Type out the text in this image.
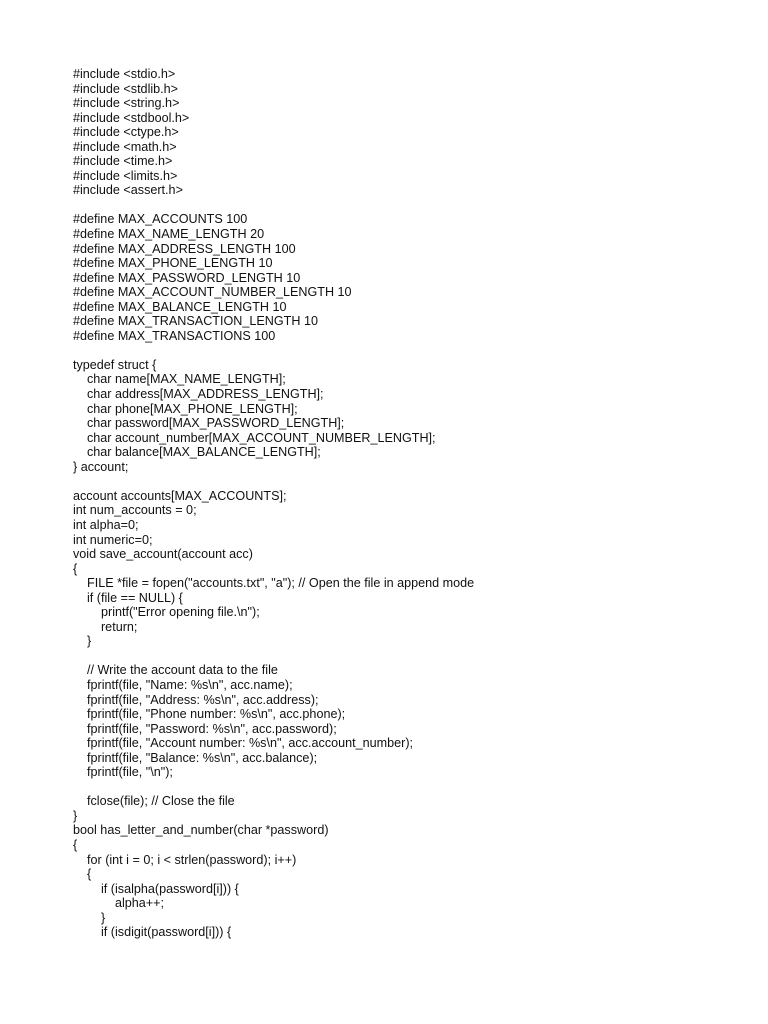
#include <stdio.h>
#include <stdlib.h>
#include <string.h>
#include <stdbool.h>
#include <ctype.h>
#include <math.h>
#include <time.h>
#include <limits.h>
#include <assert.h>
#define MAX_ACCOUNTS 100
#define MAX_NAME_LENGTH 20
#define MAX_ADDRESS_LENGTH 100
#define MAX_PHONE_LENGTH 10
#define MAX_PASSWORD_LENGTH 10
#define MAX_ACCOUNT_NUMBER_LENGTH 10
#define MAX_BALANCE_LENGTH 10
#define MAX_TRANSACTION_LENGTH 10
#define MAX_TRANSACTIONS 100
typedef struct {
char name[MAX_NAME_LENGTH];
char address[MAX_ADDRESS_LENGTH];
char phone[MAX_PHONE_LENGTH];
char password[MAX_PASSWORD_LENGTH];
char account_number[MAX_ACCOUNT_NUMBER_LENGTH];
char balance[MAX_BALANCE_LENGTH];
} account;
account accounts[MAX_ACCOUNTS];
int num_accounts = 0;
int alpha=0;
int numeric=0;
void save_account(account acc)
{
FILE *file = fopen("accounts.txt", "a"); // Open the file in append mode
if (file == NULL) {
printf("Error opening file.\n");
return;
}
// Write the account data to the file
fprintf(file, "Name: %s\n", acc.name);
fprintf(file, "Address: %s\n", acc.address);
fprintf(file, "Phone number: %s\n", acc.phone);
fprintf(file, "Password: %s\n", acc.password);
fprintf(file, "Account number: %s\n", acc.account_number);
fprintf(file, "Balance: %s\n", acc.balance);
fprintf(file, "\n");
fclose(file); // Close the file
}
bool has_letter_and_number(char *password)
{
for (int i = 0; i < strlen(password); i++)
{
if (isalpha(password[i])) {
alpha++;
}
if (isdigit(password[i])) {
